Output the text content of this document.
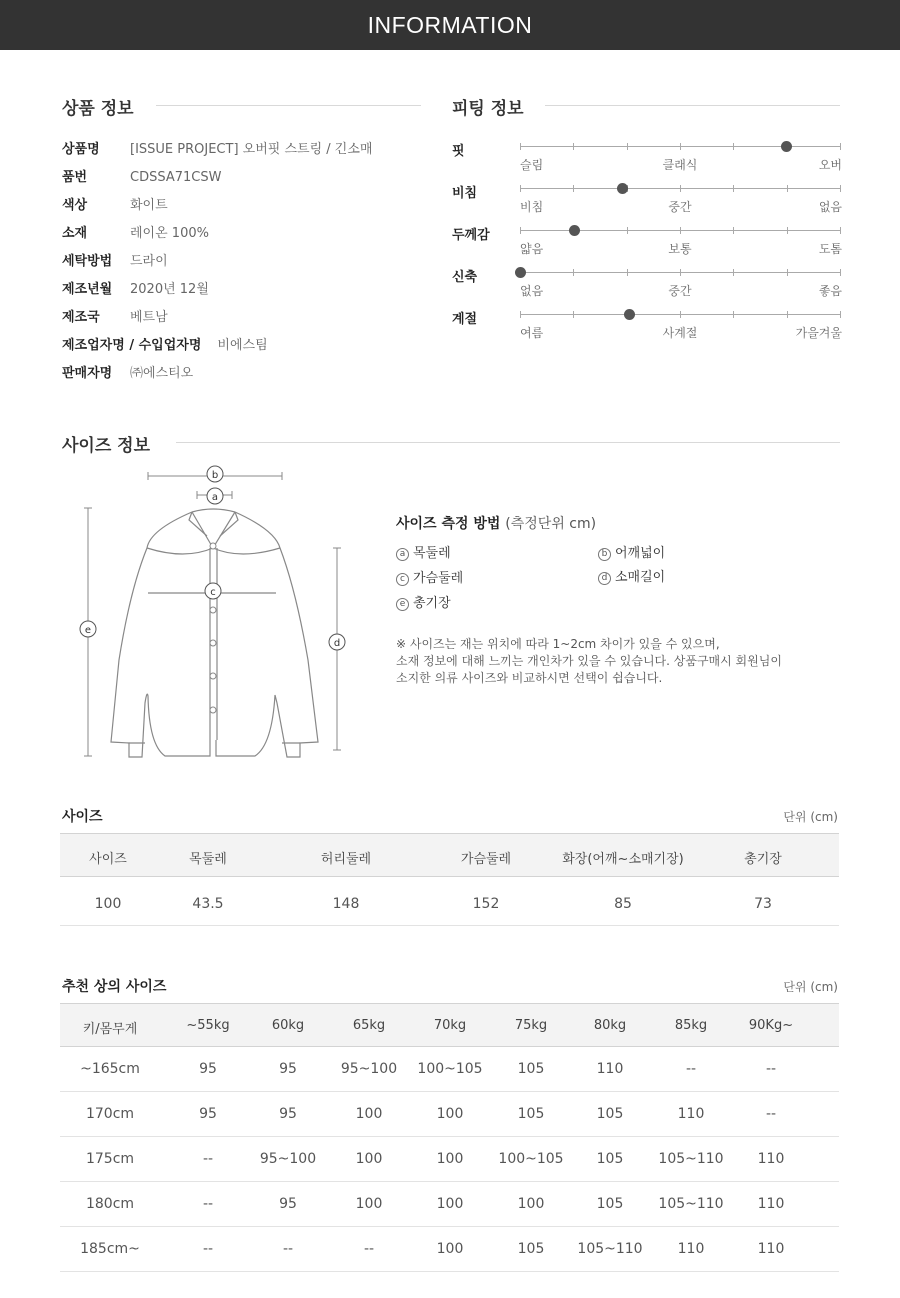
INFORMATION
상품 정보
상품명 [ISSUE PROJECT] 오버핏 스트링 / 긴소매
품번	CDSSA71CSW
색상	화이트
소재	레이온 100%
세탁방법 드라이
제조년월 2020년 12월
제조국 베트남
제조업자명 / 수입업자명 비에스팀
판매자명 ㈜에스티오
피팅 정보
핏
슬림	클래식	오버
비침
비침	중간	없음
두께감
얇음	보통	도톰
신축
없음	중간	좋음
계절
여름	사계절	가을겨울
사이즈 정보
b
a
c
e
d
사이즈 측정 방법 (측정단위 cm)
a 목둘레	b 어깨넓이
c 가슴둘레	d 소매길이
e 총기장
※ 사이즈는 재는 위치에 따라 1~2cm 차이가 있을 수 있으며,
소재 정보에 대해 느끼는 개인차가 있을 수 있습니다. 상품구매시 회원님이
소지한 의류 사이즈와 비교하시면 선택이 쉽습니다.
사이즈	단위 (cm)
사이즈	목둘레	허리둘레	가슴둘레	화장(어깨~소매기장)	총기장
100	43.5	148	152	85	73
추천 상의 사이즈	단위 (cm)
키/몸무게	~55kg	60kg	65kg	70kg	75kg	80kg	85kg	90Kg~
~165cm	95	95	95~100 100~105	105	110	--	--
170cm	95	95	100	100	105	105	110	--
175cm	--	95~100	100	100	100~105 105	105~110 110
180cm	--	95	100	100	100	105	105~110 110
185cm~	--	--	--	100	105 105~110	110	110
